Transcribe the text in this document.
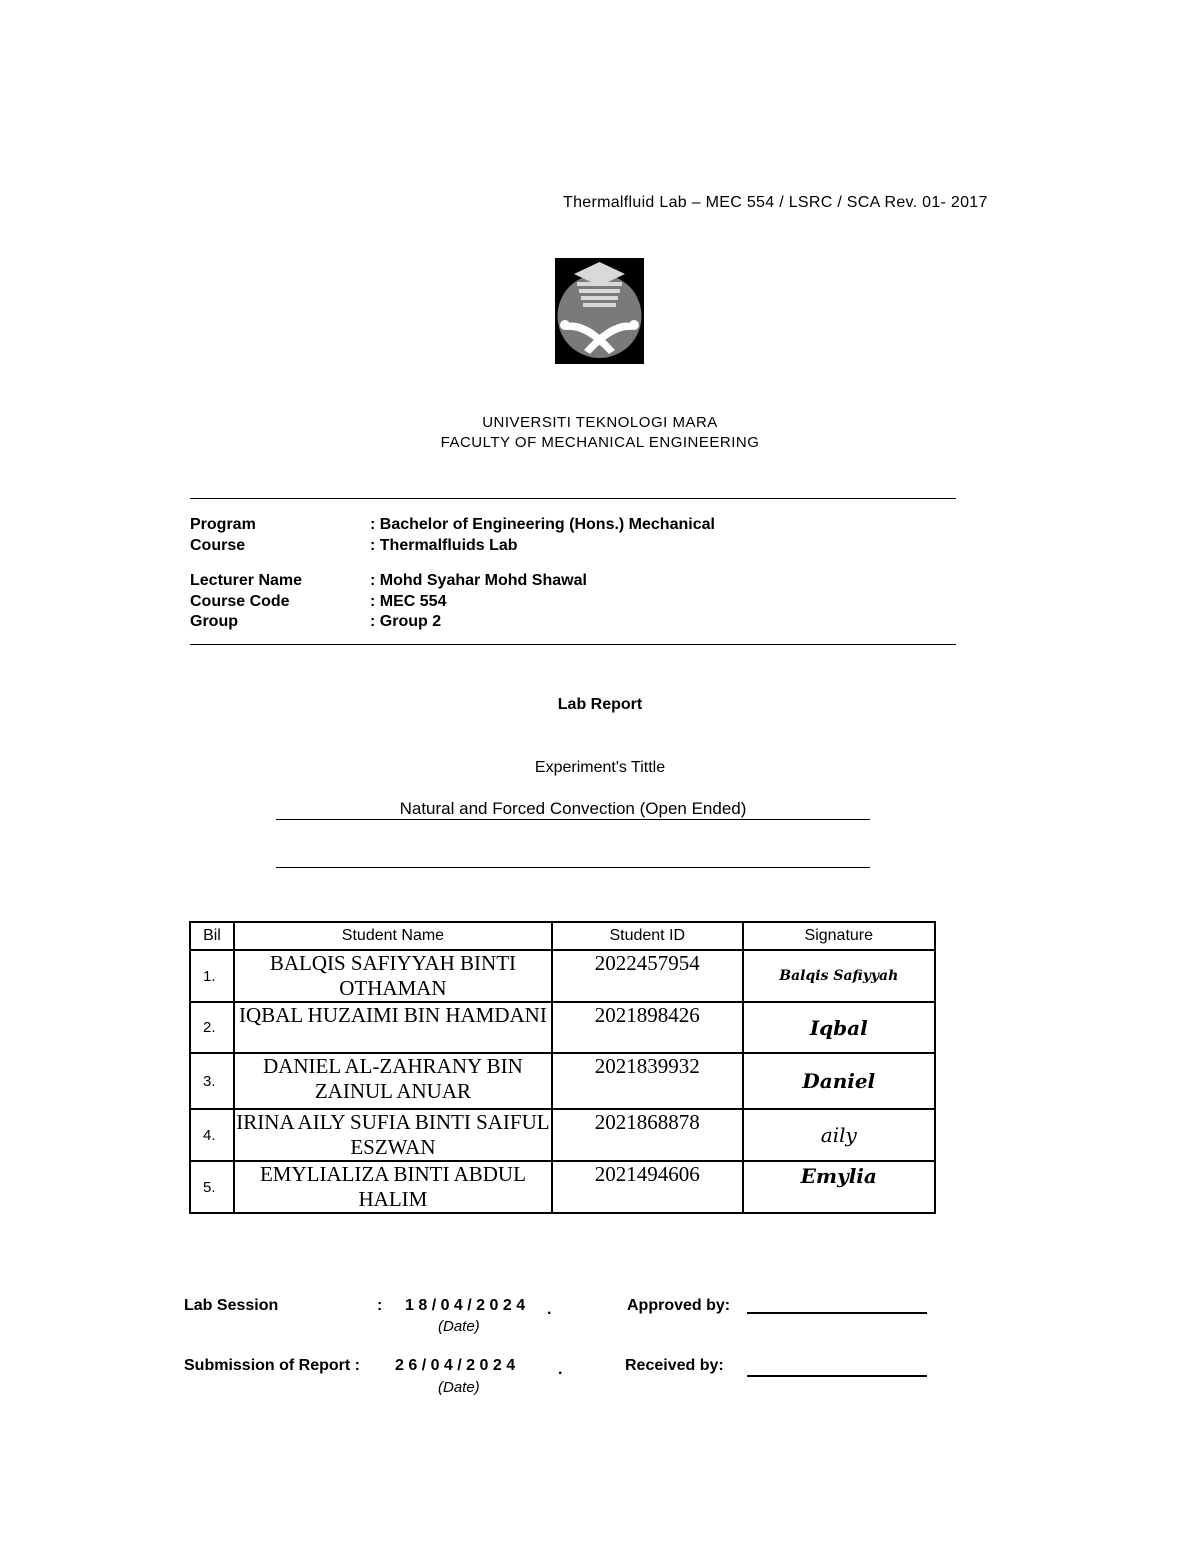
Thermalfluid Lab – MEC 554 / LSRC / SCA Rev. 01- 2017
UNIVERSITI TEKNOLOGI MARA
FACULTY OF MECHANICAL ENGINEERING
Program	: Bachelor of Engineering (Hons.) Mechanical
Course	: Thermalfluids Lab
Lecturer Name	: Mohd Syahar Mohd Shawal
Course Code	: MEC 554
Group	: Group 2
Lab Report
Experiment's Tittle
Natural and Forced Convection (Open Ended)
Bil	Student Name	Student ID	Signature
1.	BALQIS SAFIYYAH BINTI OTHAMAN	2022457954	Balqis Safiyyah
2.	IQBAL HUZAIMI BIN HAMDANI	2021898426	Iqbal
3.	DANIEL AL-ZAHRANY BIN ZAINUL ANUAR	2021839932	Daniel
4.	IRINA AILY SUFIA BINTI SAIFUL ESZWAN	2021868878	aily
5.	EMYLIALIZA BINTI ABDUL HALIM	2021494606	Emylia
Lab Session	: 1 8 / 0 4 / 2 0 2 4 .
(Date)
Approved by:
Submission of Report : 2 6 / 0 4 / 2 0 2 4	.
(Date)
Received by:
